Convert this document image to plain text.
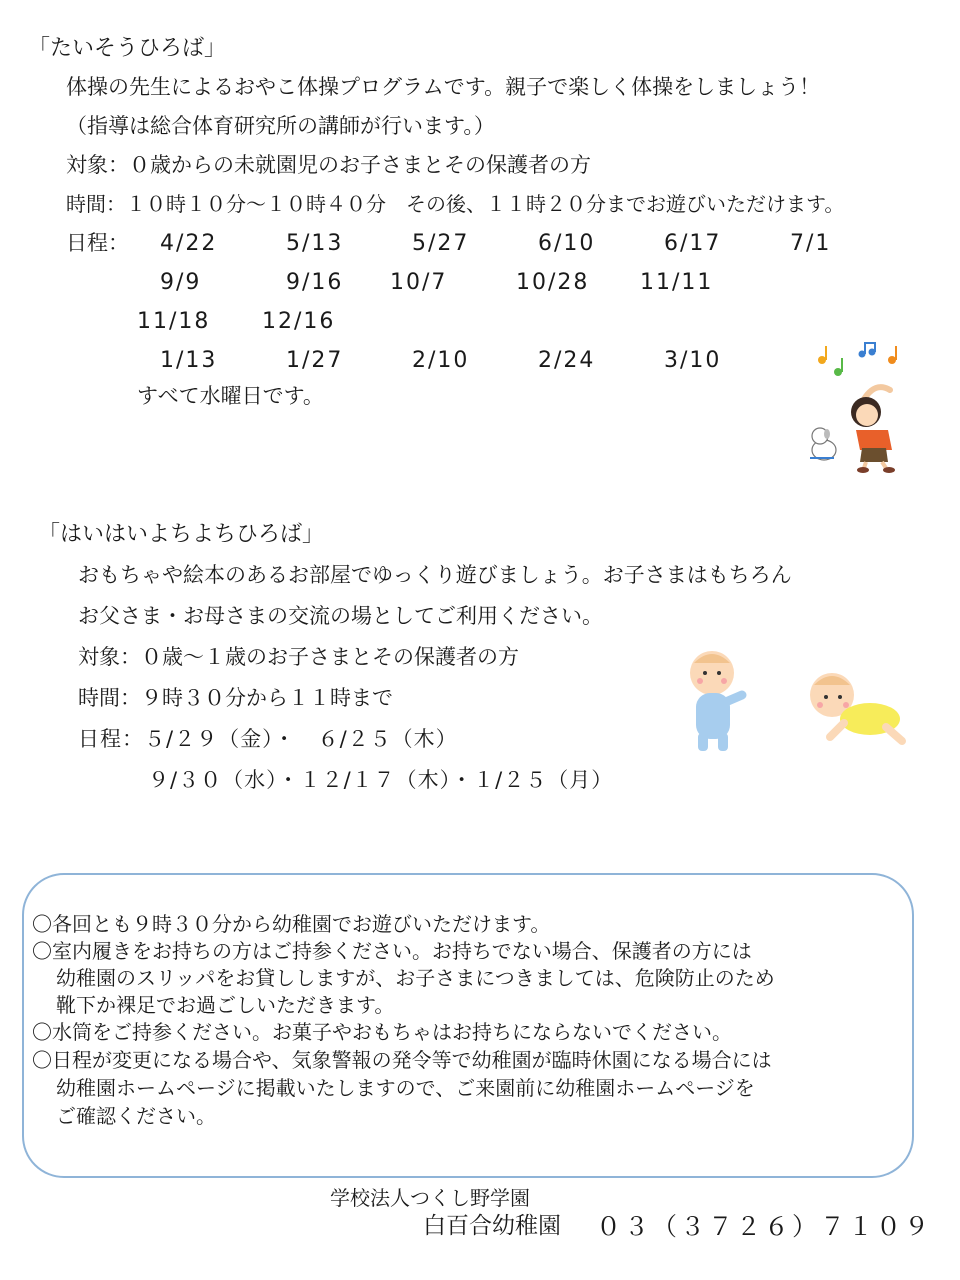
「たいそうひろば」
体操の先生によるおやこ体操プログラムです。親子で楽しく体操をしましょう！
（指導は総合体育研究所の講師が行います。）
対象：０歳からの未就園児のお子さまとその保護者の方
時間：１０時１０分～１０時４０分　その後、１１時２０分までお遊びいただけます。
日程： 4/22	5/13	5/27	6/10	6/17	7/1
9/9	9/16 10/7	10/28 11/11
11/18 12/16
1/13	1/27	2/10	2/24	3/10
すべて水曜日です。
「はいはいよちよちひろば」
おもちゃや絵本のあるお部屋でゆっくり遊びましょう。お子さまはもちろん
お父さま・お母さまの交流の場としてご利用ください。
対象：０歳～１歳のお子さまとその保護者の方
時間：９時３０分から１１時まで
日程：５/２９（金）・　６/２５（木）
９/３０（水）・１２/１７（木）・１/２５（月）
〇各回とも９時３０分から幼稚園でお遊びいただけます。
〇室内履きをお持ちの方はご持参ください。お持ちでない場合、保護者の方には
幼稚園のスリッパをお貸ししますが、お子さまにつきましては、危険防止のため
靴下か裸足でお過ごしいただきます。
〇水筒をご持参ください。お菓子やおもちゃはお持ちにならないでください。
〇日程が変更になる場合や、気象警報の発令等で幼稚園が臨時休園になる場合には
幼稚園ホームページに掲載いたしますので、ご来園前に幼稚園ホームページを
ご確認ください。
学校法人つくし野学園
白百合幼稚園 ０３（３７２６）７１０９
